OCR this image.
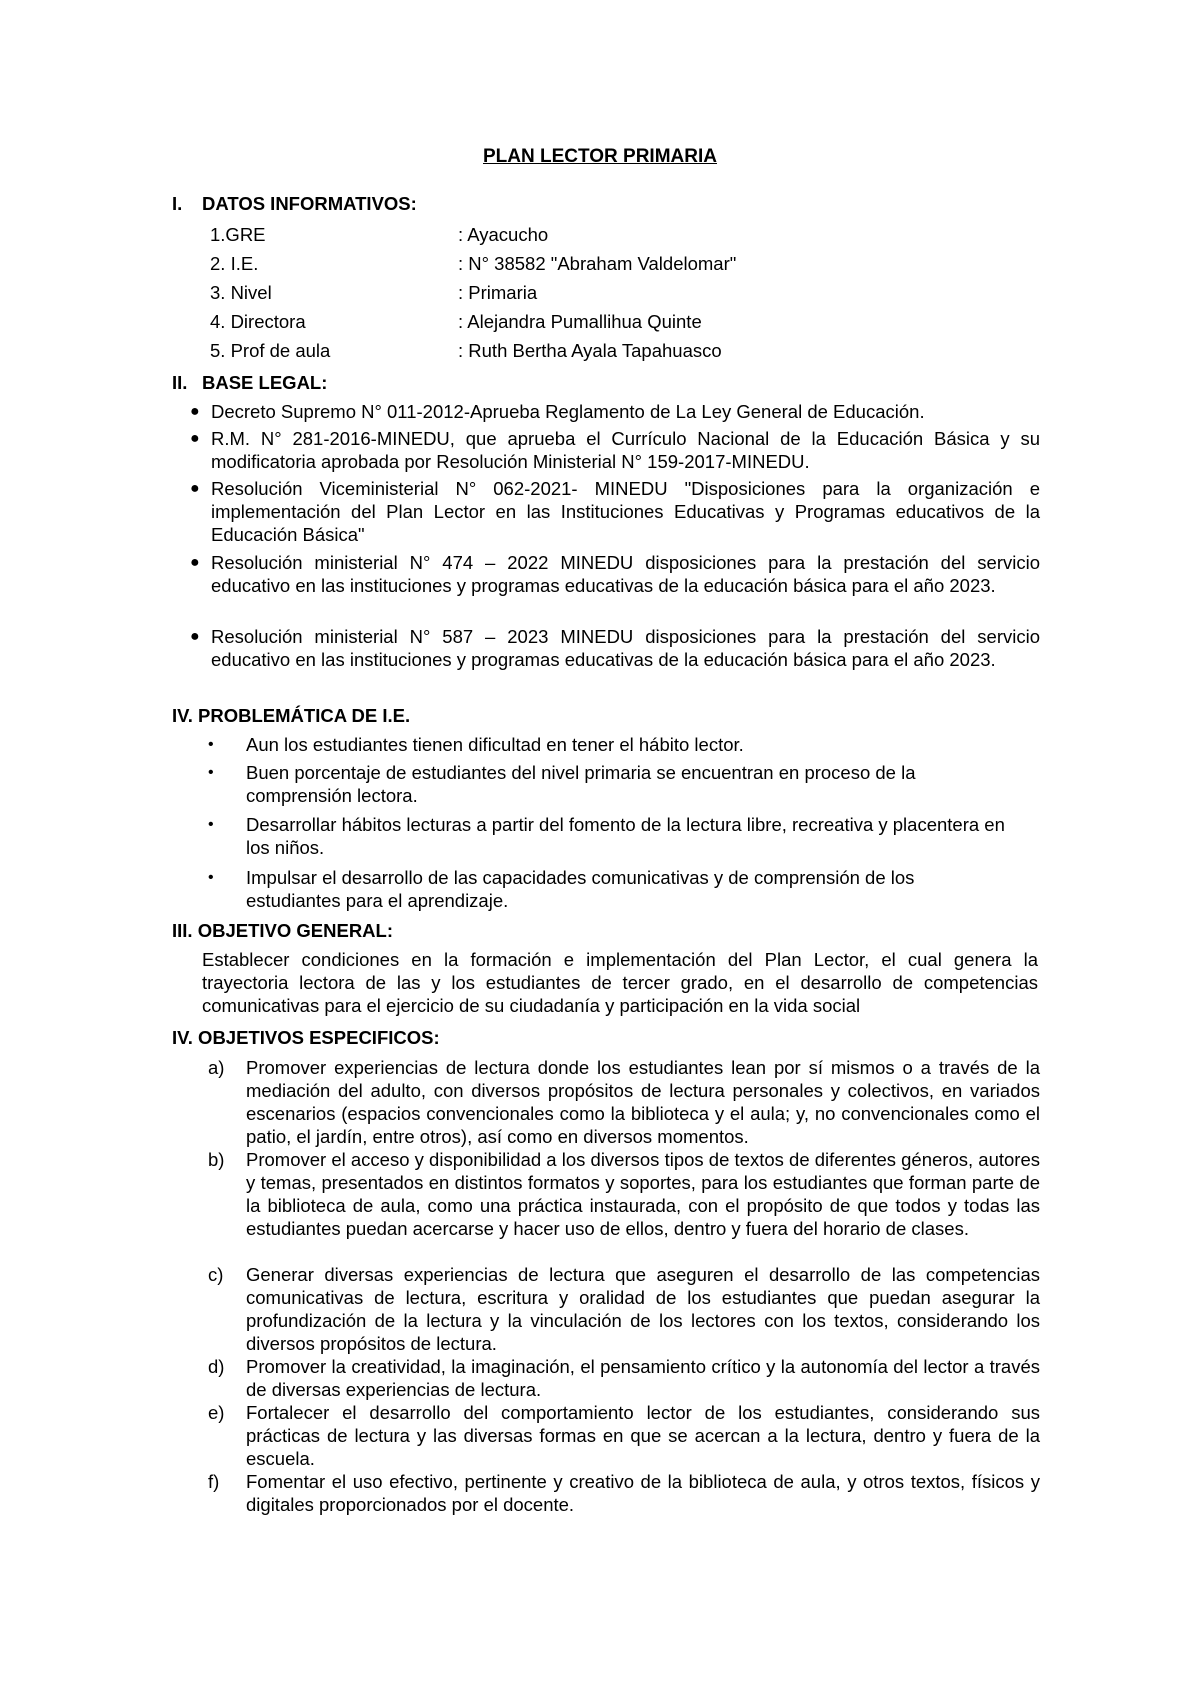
PLAN LECTOR PRIMARIA
I. DATOS INFORMATIVOS:
1.GRE	: Ayacucho
2. I.E.	: N° 38582 "Abraham Valdelomar"
3. Nivel	: Primaria
4. Directora	: Alejandra Pumallihua Quinte
5. Prof de aula	: Ruth Bertha Ayala Tapahuasco
II. BASE LEGAL:
● Decreto Supremo N° 011-2012-Aprueba Reglamento de La Ley General de Educación.
● R.M. N° 281-2016-MINEDU, que aprueba el Currículo Nacional de la Educación Básica y su modificatoria aprobada por Resolución Ministerial N° 159-2017-MINEDU.
● Resolución Viceministerial N° 062-2021- MINEDU "Disposiciones para la organización e implementación del Plan Lector en las Instituciones Educativas y Programas educativos de la Educación Básica"
● Resolución ministerial N° 474 – 2022 MINEDU disposiciones para la prestación del servicio educativo en las instituciones y programas educativas de la educación básica para el año 2023.
● Resolución ministerial N° 587 – 2023 MINEDU disposiciones para la prestación del servicio educativo en las instituciones y programas educativas de la educación básica para el año 2023.
IV. PROBLEMÁTICA DE I.E.
• Aun los estudiantes tienen dificultad en tener el hábito lector.
• Buen porcentaje de estudiantes del nivel primaria se encuentran en proceso de la comprensión lectora.
• Desarrollar hábitos lecturas a partir del fomento de la lectura libre, recreativa y placentera en los niños.
• Impulsar el desarrollo de las capacidades comunicativas y de comprensión de los estudiantes para el aprendizaje.
III. OBJETIVO GENERAL:
Establecer condiciones en la formación e implementación del Plan Lector, el cual genera la trayectoria lectora de las y los estudiantes de tercer grado, en el desarrollo de competencias comunicativas para el ejercicio de su ciudadanía y participación en la vida social
IV. OBJETIVOS ESPECIFICOS:
a) Promover experiencias de lectura donde los estudiantes lean por sí mismos o a través de la mediación del adulto, con diversos propósitos de lectura personales y colectivos, en variados escenarios (espacios convencionales como la biblioteca y el aula; y, no convencionales como el patio, el jardín, entre otros), así como en diversos momentos.
b) Promover el acceso y disponibilidad a los diversos tipos de textos de diferentes géneros, autores y temas, presentados en distintos formatos y soportes, para los estudiantes que forman parte de la biblioteca de aula, como una práctica instaurada, con el propósito de que todos y todas las estudiantes puedan acercarse y hacer uso de ellos, dentro y fuera del horario de clases.
c) Generar diversas experiencias de lectura que aseguren el desarrollo de las competencias comunicativas de lectura, escritura y oralidad de los estudiantes que puedan asegurar la profundización de la lectura y la vinculación de los lectores con los textos, considerando los diversos propósitos de lectura.
d) Promover la creatividad, la imaginación, el pensamiento crítico y la autonomía del lector a través de diversas experiencias de lectura.
e) Fortalecer el desarrollo del comportamiento lector de los estudiantes, considerando sus prácticas de lectura y las diversas formas en que se acercan a la lectura, dentro y fuera de la escuela.
f) Fomentar el uso efectivo, pertinente y creativo de la biblioteca de aula, y otros textos, físicos y digitales proporcionados por el docente.
